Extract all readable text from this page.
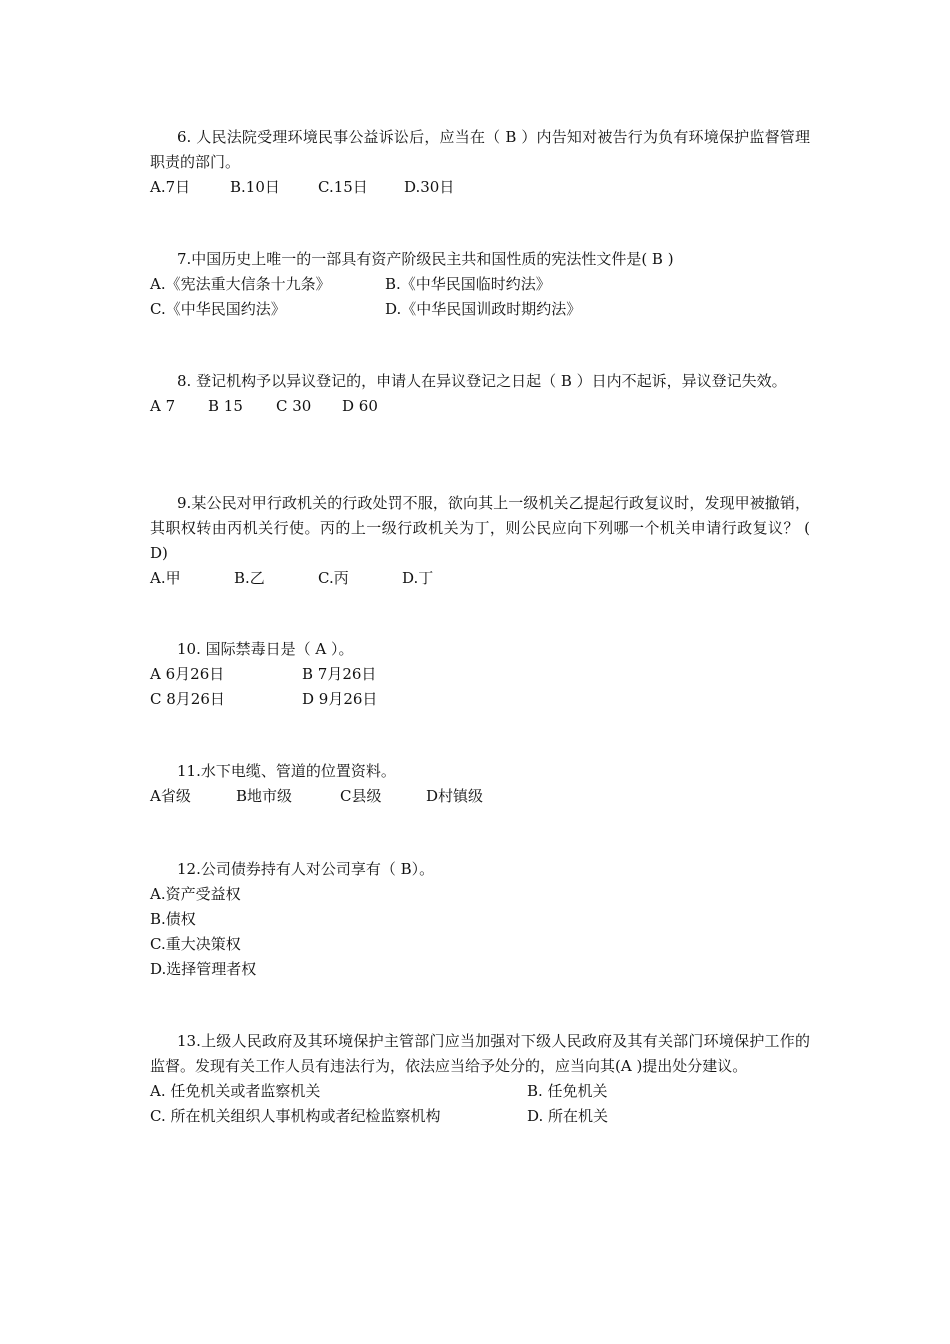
6. 人民法院受理环境民事公益诉讼后，应当在（ B ）内告知对被告行为负有环境保护监督管理职责的部门。

A.7日	B.10日	C.15日	D.30日

7.中国历史上唯一的一部具有资产阶级民主共和国性质的宪法性文件是( B )

A.《宪法重大信条十九条》	B.《中华民国临时约法》
C.《中华民国约法》	D.《中华民国训政时期约法》

8. 登记机构予以异议登记的，申请人在异议登记之日起（ B ）日内不起诉，异议登记失效。

A 7	B 15	C 30	D 60

9.某公民对甲行政机关的行政处罚不服，欲向其上一级机关乙提起行政复议时，发现甲被撤销，其职权转由丙机关行使。丙的上一级行政机关为丁，则公民应向下列哪一个机关申请行政复议？ ( D)

A.甲	B.乙	C.丙	D.丁

10. 国际禁毒日是（ A ）。

A 6月26日	B 7月26日
C 8月26日	D 9月26日

11.水下电缆、管道的位置资料。

A省级	B地市级	C县级	D村镇级

12.公司债券持有人对公司享有（ B）。

A.资产受益权
B.债权
C.重大决策权
D.选择管理者权

13.上级人民政府及其环境保护主管部门应当加强对下级人民政府及其有关部门环境保护工作的监督。发现有关工作人员有违法行为，依法应当给予处分的，应当向其(A )提出处分建议。

A. 任免机关或者监察机关	B. 任免机关
C. 所在机关组织人事机构或者纪检监察机构	D. 所在机关
